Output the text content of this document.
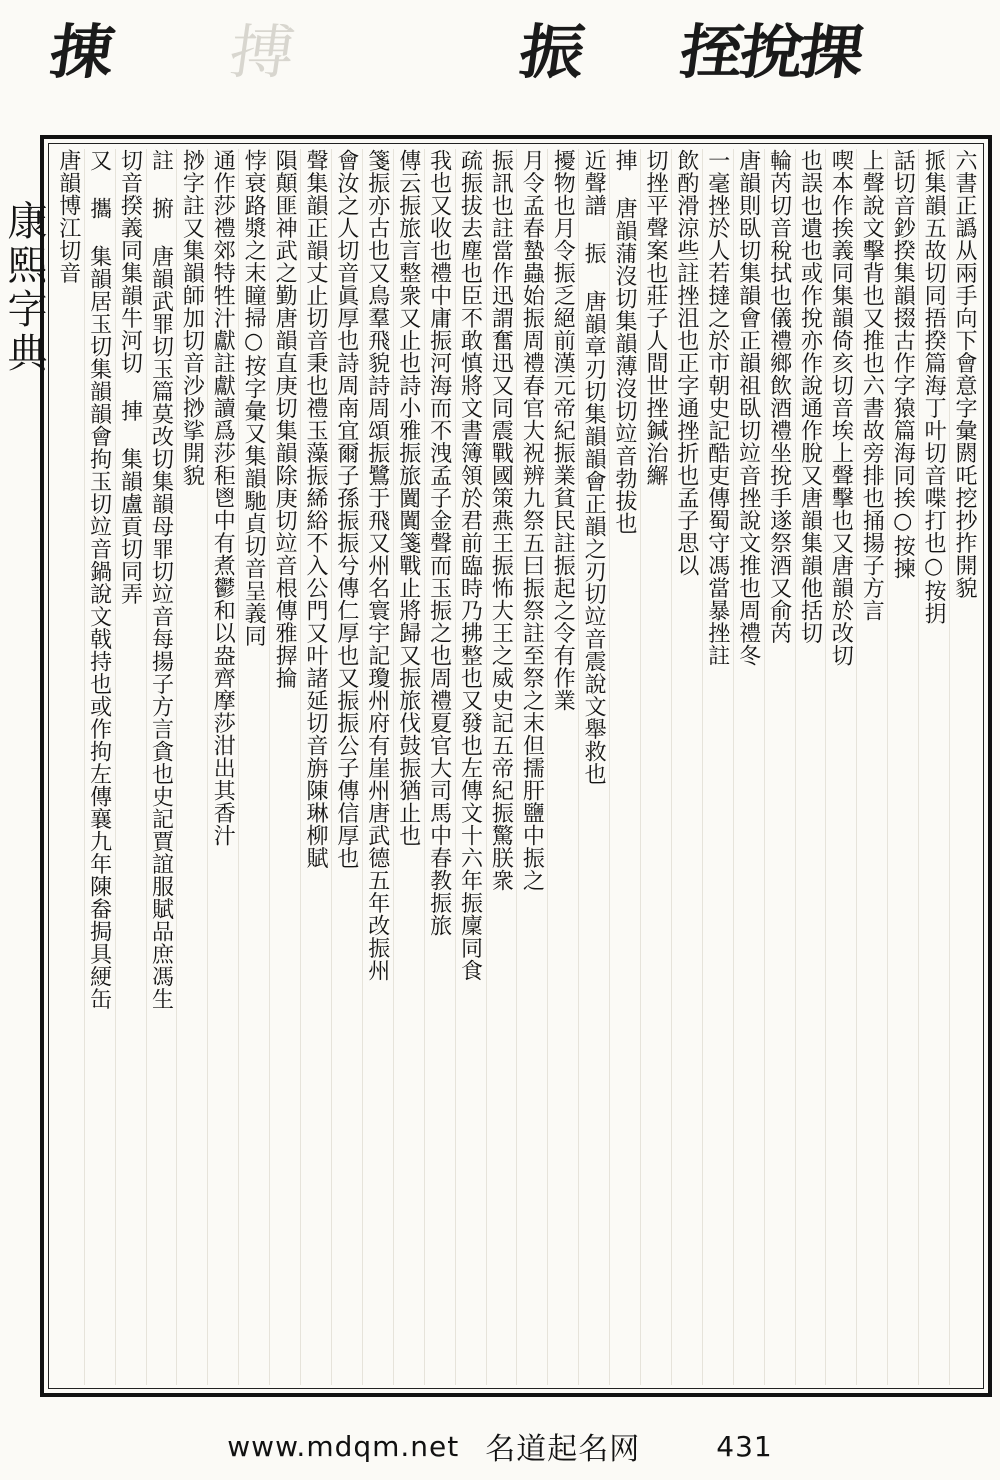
㨂 搏	振 挃挩捰
康熙字典	六書正譌从兩手向下會意字彙閼吒挖抄拃開貌
挀集韻五故切同捂揆篇海丁叶切音喋打也○按抈
話切音鈔揆集韻掇古作字猿篇海同挨○按揀
上聲說文擊背也又推也六書故旁排也捅揚子方言
喫本作挨義同集韻倚亥切音埃上聲擊也又唐韻於改切
也誤也遺也或作挩亦作說通作脫又唐韻集韻他括切
輪芮切音稅拭也儀禮鄉飲酒禮坐挩手遂祭酒又俞芮
唐韻則臥切集韻會正韻祖臥切竝音挫說文推也周禮冬
一毫挫於人若撻之於市朝史記酷吏傳蜀守馮當暴挫註
飲酌滑涼些註挫沮也正字通挫折也孟子思以
切挫平聲案也莊子人間世挫鍼治繲
捙 唐韻蒲沒切集韻薄沒切竝音勃拔也
近聲譜 振 唐韻章刃切集韻韻會正韻之刃切竝音震說文舉救也
擾物也月令振乏絕前漢元帝紀振業貧民註振起之令有作業
月令孟春蟄蟲始振周禮春官大祝辨九祭五曰振祭註至祭之末但擩肝鹽中振之
振訊也註當作迅謂奮迅又同震戰國策燕王振怖大王之威史記五帝紀振驚朕衆
疏振拔去塵也臣不敢慎將文書簿領於君前臨時乃拂整也又發也左傳文十六年振廩同食
我也又收也禮中庸振河海而不洩孟子金聲而玉振之也周禮夏官大司馬中春教振旅
傳云振旅言整衆又止也詩小雅振旅闐闐箋戰止將歸又振旅伐鼓振猶止也
箋振亦古也又鳥羣飛貌詩周頌振鷺于飛又州名寰宇記瓊州府有崖州唐武德五年改振州
會汝之人切音眞厚也詩周南宜爾子孫振振兮傳仁厚也又振振公子傳信厚也
聲集韻正韻丈止切音秉也禮玉藻振絺綌不入公門又叶諸延切音旃陳琳柳賦
隕顛匪神武之勤唐韻直庚切集韻除庚切竝音根傳雅搱掄
悖衰路漿之末瞳掃○按字彙又集韻馳貞切音呈義同
通作莎禮郊特牲汁獻註獻讀爲莎秬鬯中有煮鬱和以盎齊摩莎泔出其香汁
挱字註又集韻師加切音沙挱挲開貌
註 捬 唐韻武罪切玉篇莫改切集韻母罪切竝音每揚子方言貪也史記賈誼服賦品庶馮生
切音揆義同集韻牛河切 捙 集韻盧貢切同弄
又 攜 集韻居玉切集韻韻會拘玉切竝音鍋說文戟持也或作拘左傳襄九年陳畚挶具綆缶
唐韻博江切音
www.mdqm.net 名道起名网	431
